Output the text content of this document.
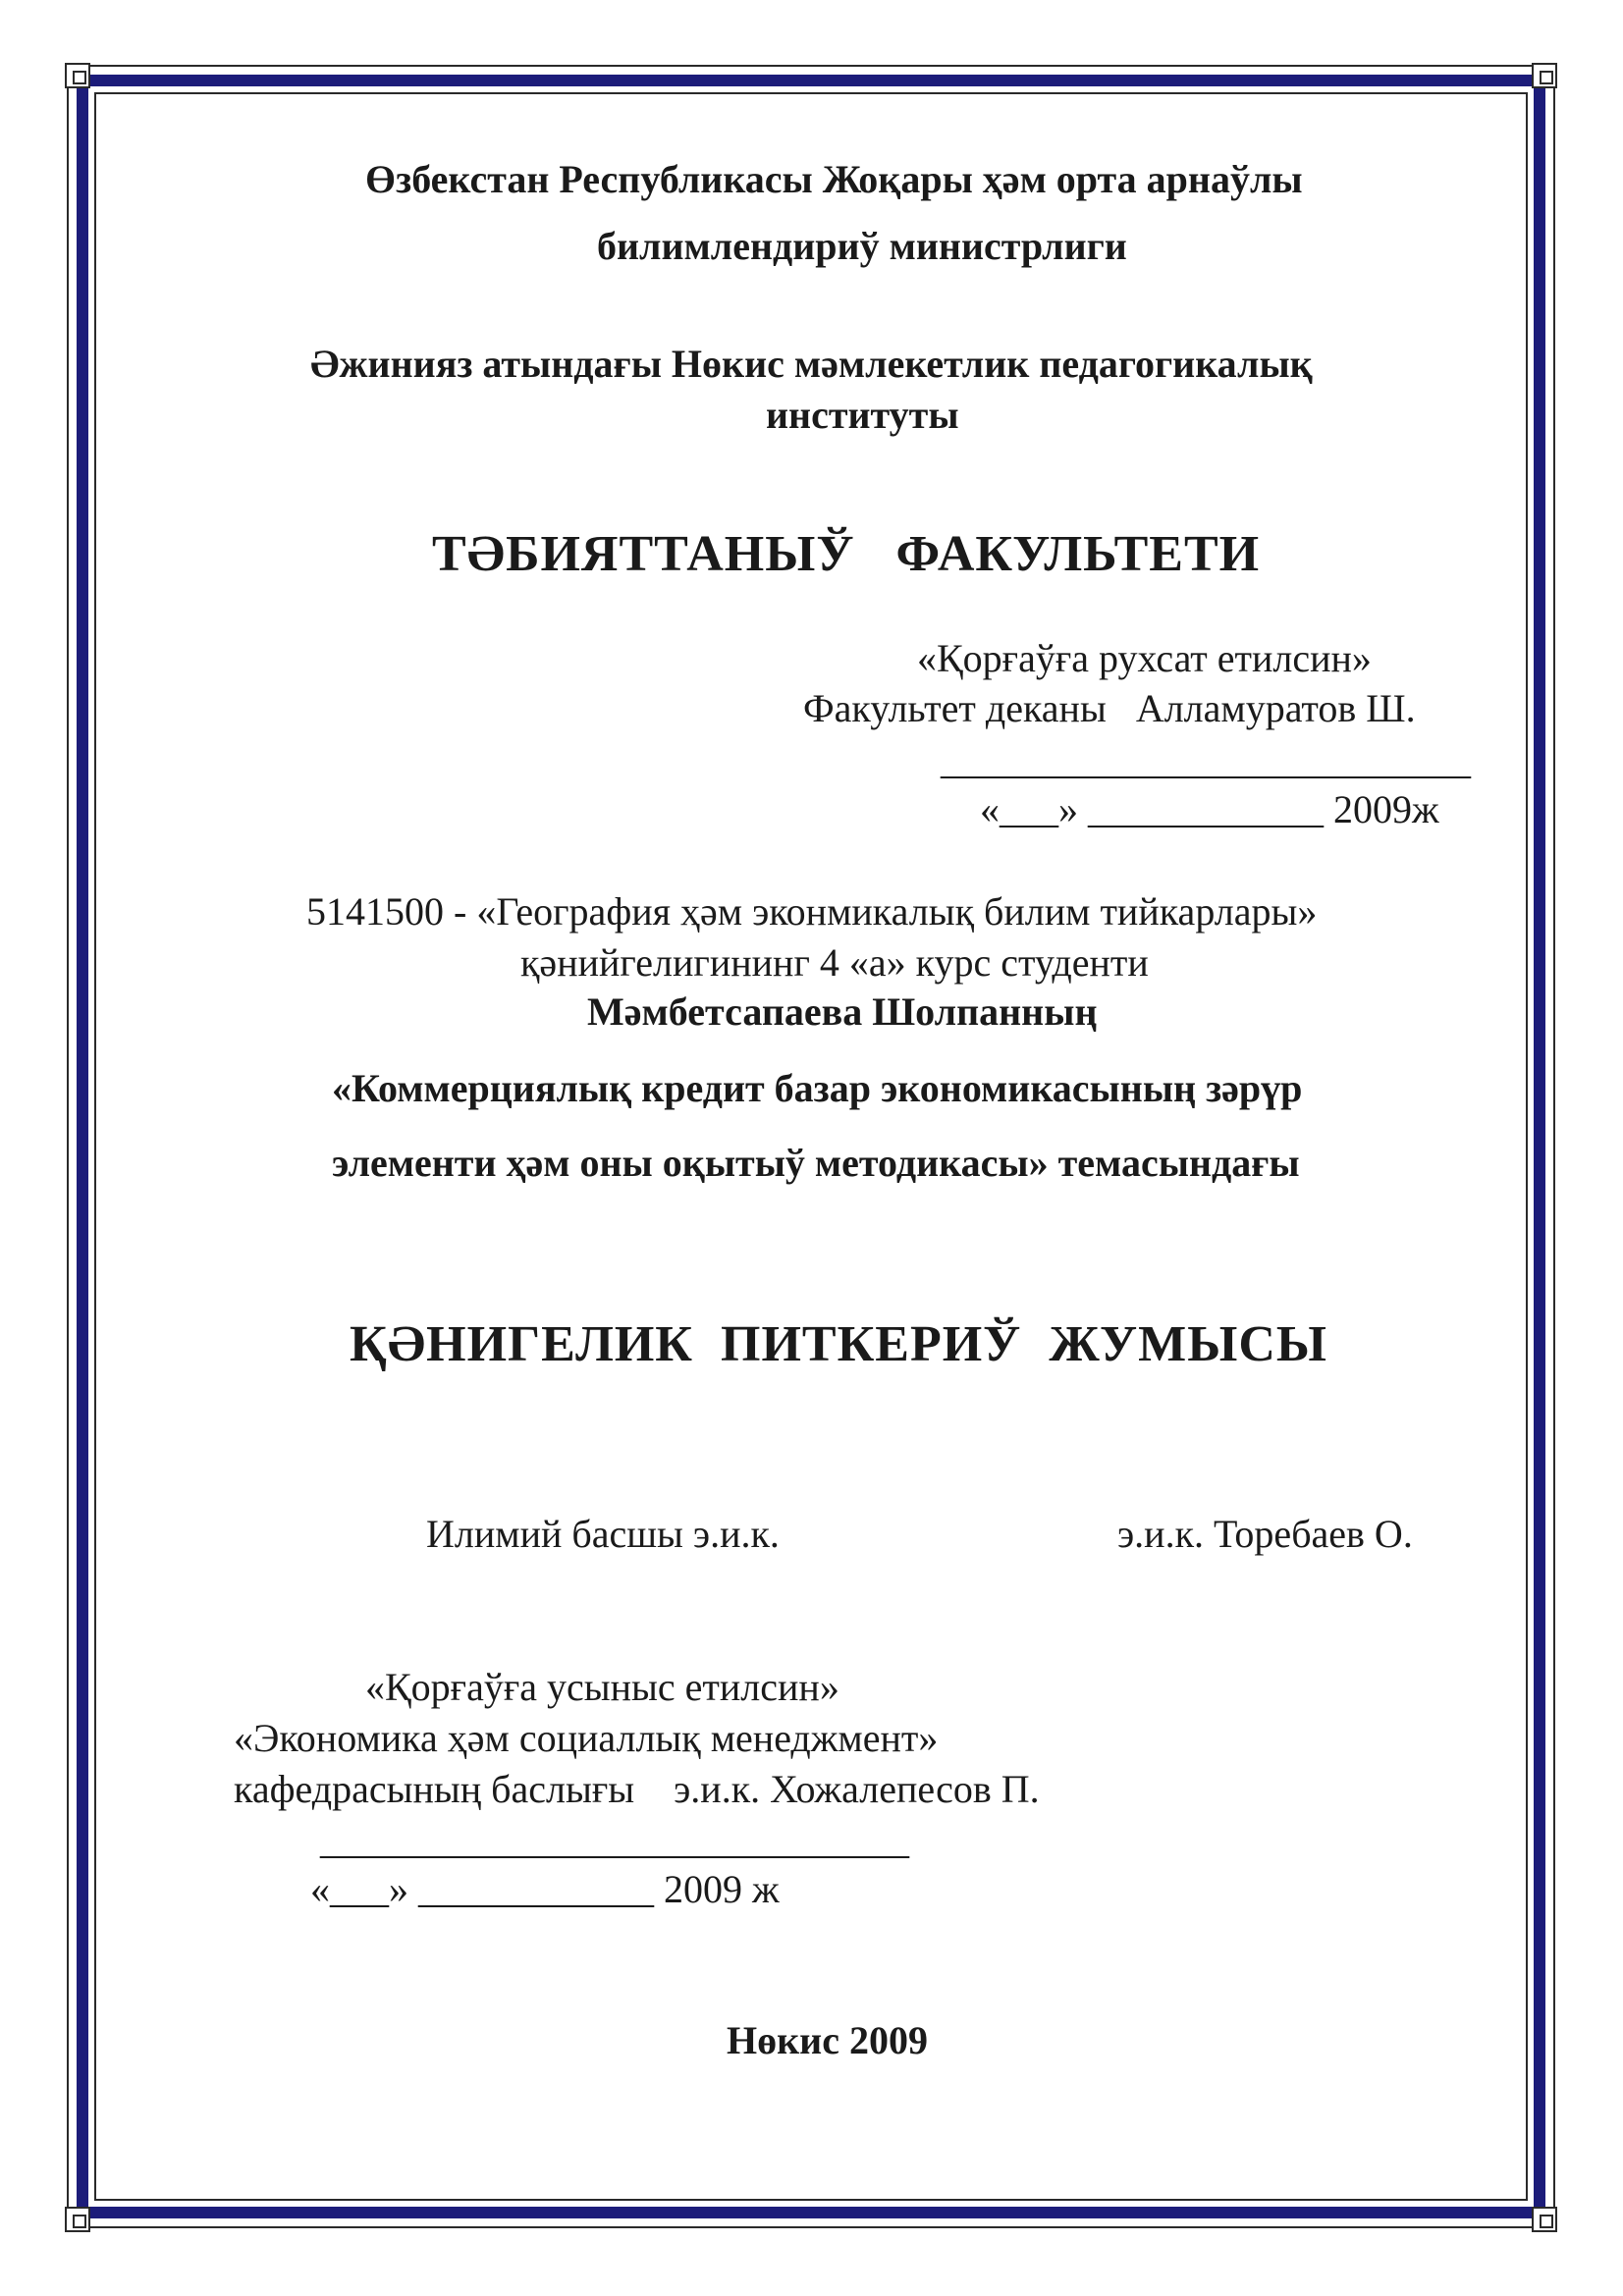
Өзбекстан Республикасы Жоқары ҳәм орта арнаўлы
билимлендириў министрлиги
Әжинияз атындағы Нөкис мәмлекетлик педагогикалық
институты
ТӘБИЯТТАНЫЎ   ФАКУЛЬТЕТИ
«Қорғаўға рухсат етилсин»
Факультет деканы   Алламуратов Ш.
___________________________
«___» ____________ 2009ж
5141500 - «География ҳәм эконмикалық билим тийкарлары»
қәнийгелигининг 4 «а» курс студенти
Мәмбетсапаева Шолпанның
«Коммерциялық кредит базар экономикасының зәрүр
элементи ҳәм оны оқытыў методикасы» темасындағы
ҚӘНИГЕЛИК  ПИТКЕРИЎ  ЖУМЫСЫ
Илимий басшы э.и.к.	э.и.к. Торебаев О.
«Қорғаўға усыныс етилсин»
«Экономика ҳәм социаллық менеджмент»
кафедрасының баслығы    э.и.к. Хожалепесов П.
______________________________
«___» ____________ 2009 ж
Нөкис 2009
